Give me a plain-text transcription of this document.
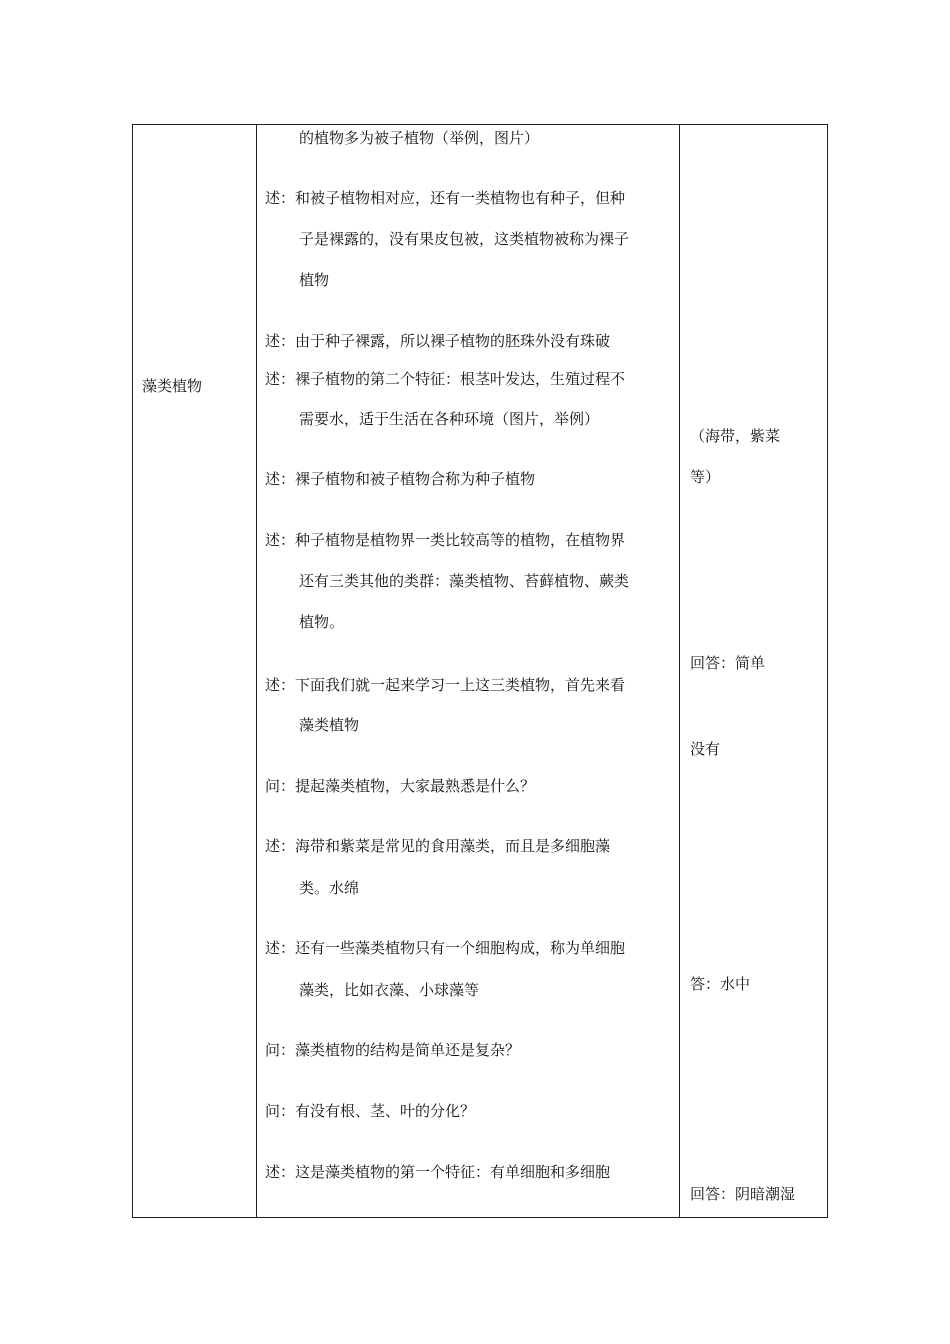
藻类植物
的植物多为被子植物（举例，图片）
述：和被子植物相对应，还有一类植物也有种子，但种
子是裸露的，没有果皮包被，这类植物被称为裸子
植物
述：由于种子裸露，所以裸子植物的胚珠外没有珠破
述：裸子植物的第二个特征：根茎叶发达，生殖过程不
需要水，适于生活在各种环境（图片，举例）
述：裸子植物和被子植物合称为种子植物
述：种子植物是植物界一类比较高等的植物，在植物界
还有三类其他的类群：藻类植物、苔藓植物、蕨类
植物。
述：下面我们就一起来学习一上这三类植物，首先来看
藻类植物
问：提起藻类植物，大家最熟悉是什么？
述：海带和紫菜是常见的食用藻类，而且是多细胞藻
类。水绵
述：还有一些藻类植物只有一个细胞构成，称为单细胞
藻类，比如衣藻、小球藻等
问：藻类植物的结构是简单还是复杂？
问：有没有根、茎、叶的分化？
述：这是藻类植物的第一个特征：有单细胞和多细胞
（海带，紫菜
等）
回答：简单
没有
答：水中
回答：阴暗潮湿
